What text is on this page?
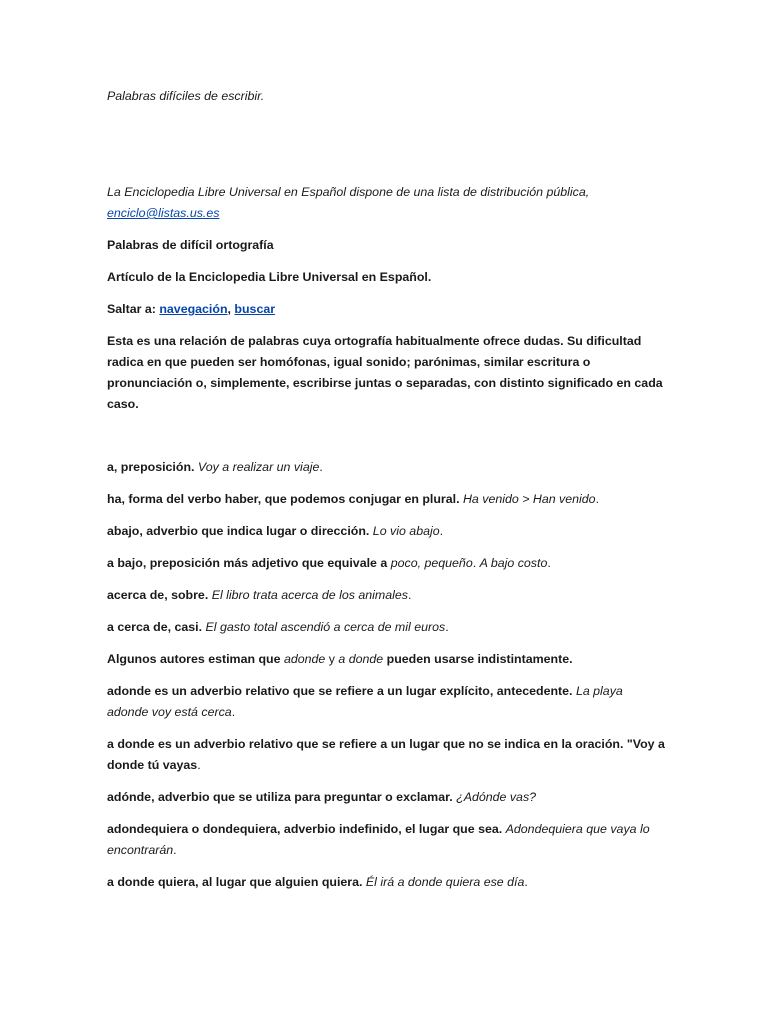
Palabras difíciles de escribir.

La Enciclopedia Libre Universal en Español dispone de una lista de distribución pública,
enciclo@listas.us.es

Palabras de difícil ortografía

Artículo de la Enciclopedia Libre Universal en Español.

Saltar a: navegación, buscar

Esta es una relación de palabras cuya ortografía habitualmente ofrece dudas. Su dificultad radica en que pueden ser homófonas, igual sonido; parónimas, similar escritura o pronunciación o, simplemente, escribirse juntas o separadas, con distinto significado en cada caso.

a, preposición. Voy a realizar un viaje.

ha, forma del verbo haber, que podemos conjugar en plural. Ha venido > Han venido.

abajo, adverbio que indica lugar o dirección. Lo vio abajo.

a bajo, preposición más adjetivo que equivale a poco, pequeño. A bajo costo.

acerca de, sobre. El libro trata acerca de los animales.

a cerca de, casi. El gasto total ascendió a cerca de mil euros.

Algunos autores estiman que adonde y a donde pueden usarse indistintamente.

adonde es un adverbio relativo que se refiere a un lugar explícito, antecedente. La playa adonde voy está cerca.

a donde es un adverbio relativo que se refiere a un lugar que no se indica en la oración. "Voy a donde tú vayas.

adónde, adverbio que se utiliza para preguntar o exclamar. ¿Adónde vas?

adondequiera o dondequiera, adverbio indefinido, el lugar que sea. Adondequiera que vaya lo encontrarán.

a donde quiera, al lugar que alguien quiera. Él irá a donde quiera ese día.
